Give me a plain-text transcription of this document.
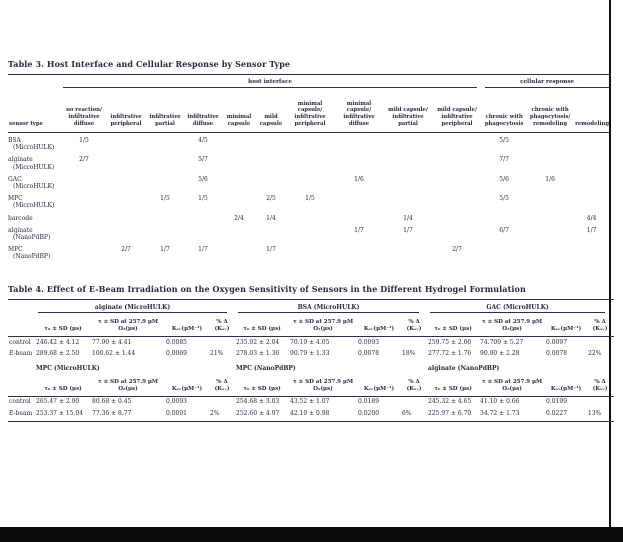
Table 3. Host Interface and Cellular Response by Sensor Type

	host interface										cellular response		

sensor type	no reaction/ infiltrative diffuse	infiltrative peripheral	infiltrative partial	infiltrative diffuse	minimal capsule	mild capsule	minimal capsule/ infiltrative peripheral	minimal capsule/ infiltrative diffuse	mild capsule/ infiltrative partial	mild capsule/ infiltrative peripheral	chronic with phagocytosis	chronic with phagocytosis/ remodeling	remodeling
BSA
(MicroHULK)	1/5			4/5							5/5		
alginate
(MicroHULK)	2/7			5/7							7/7		
GAC
(MicroHULK)				5/6				1/6			5/6	1/6	
MPC
(MicroHULK)			1/5	1/5		2/5	1/5				5/5		
barcode					2/4	1/4			1/4				4/4
alginate
(NanoPdBP)								1/7	1/7		6/7		1/7
MPC
(NanoPdBP)		2/7	1/7	1/7		1/7				2/7			
Table 4. Effect of E-Beam Irradiation on the Oxygen Sensitivity of Sensors in the Different Hydrogel Formulation

	alginate (MicroHULK)				BSA (MicroHULK)				GAC (MicroHULK)			

	τ₀ ± SD (μs)	τ ± SD at 257.9 μM O₂(μs)	Kₛᵥ(μM⁻¹)	% Δ (Kₛᵥ)	τ₀ ± SD (μs)	τ ± SD at 257.9 μM O₂(μs)	Kₛᵥ(μM⁻¹)	% Δ (Kₛᵥ)	τ₀ ± SD (μs)	τ ± SD at 257.9 μM O₂(μs)	Kₛᵥ(μM⁻¹)	% Δ (Kₛᵥ)
control	246.42 ± 4.12	77.90 ± 4.41	0.0085		235.92 ± 2.04	70.19 ± 4.05	0.0093		259.75 ± 2.06	74.709 ± 5.27	0.0097	
E-beam	289.68 ± 2.50	100.62 ± 1.44	0.0069	21%	278.03 ± 1.36	90.79 ± 1.33	0.0078	18%	277.72 ± 1.76	90.90 ± 2.28	0.0078	22%
	MPC (MicroHULK)				MPC (NanoPdBP)				alginate (NanoPdBP)			
	τ₀ ± SD (μs)	τ ± SD at 257.9 μM O₂(μs)	Kₛᵥ(μM⁻¹)	% Δ (Kₛᵥ)	τ₀ ± SD (μs)	τ ± SD at 257.9 μM O₂(μs)	Kₛᵥ(μM⁻¹)	% Δ (Kₛᵥ)	τ₀ ± SD (μs)	τ ± SD at 257.9 μM O₂(μs)	Kₛᵥ(μM⁻¹)	% Δ (Kₛᵥ)
control	265.47 ± 2.90	80.68 ± 0.45	0.0093		254.68 ± 3.03	43.52 ± 1.07	0.0189		245.32 ± 4.65	41.10 ± 0.66	0.0199	
E-beam	253.37 ± 15.04	77.36 ± 8.77	0.0091	2%	252.60 ± 4.97	42.19 ± 0.98	0.0200	6%	225.97 ± 6.70	34.72 ± 1.73	0.0227	13%
